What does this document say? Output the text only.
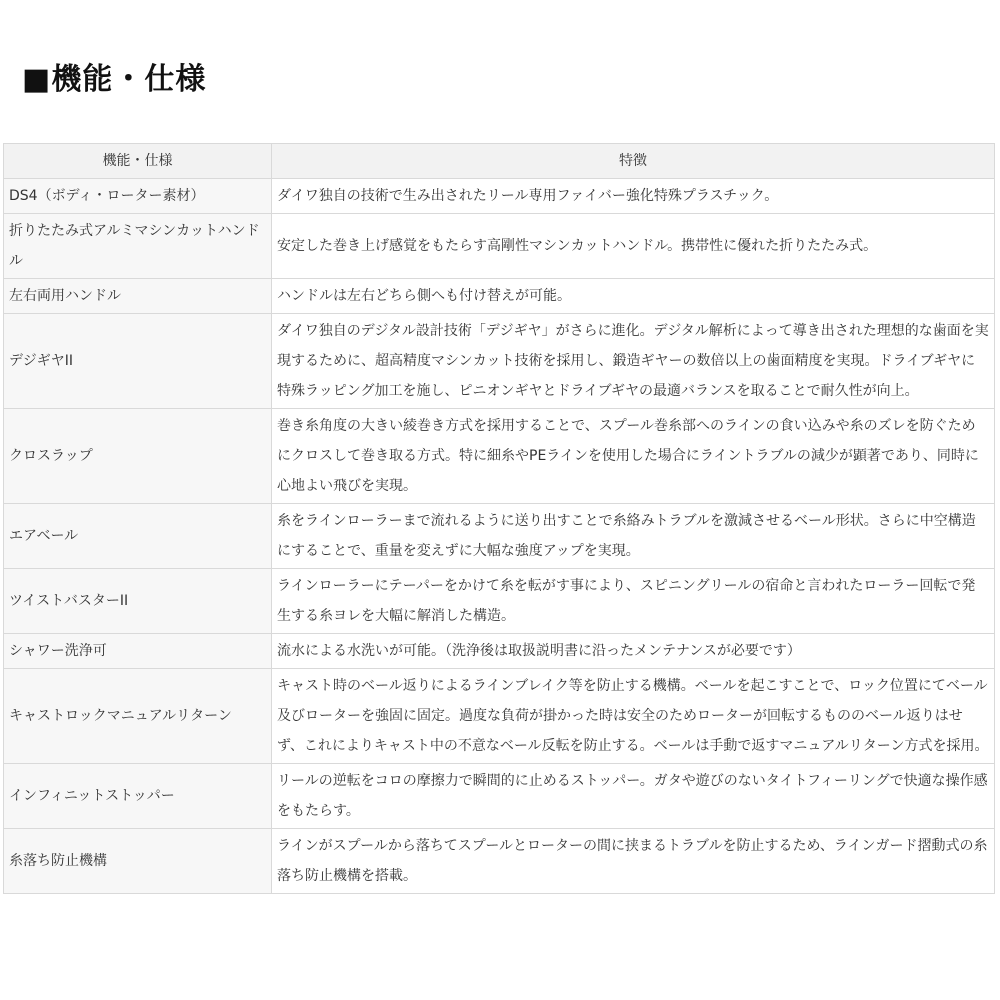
■機能・仕様
機能・仕様	特徴
DS4（ボディ・ローター素材）	ダイワ独自の技術で生み出されたリール専用ファイバー強化特殊プラスチック。
折りたたみ式アルミマシンカットハンドル	安定した巻き上げ感覚をもたらす高剛性マシンカットハンドル。携帯性に優れた折りたたみ式。
左右両用ハンドル	ハンドルは左右どちら側へも付け替えが可能。
デジギヤII	ダイワ独自のデジタル設計技術「デジギヤ」がさらに進化。デジタル解析によって導き出された理想的な歯面を実現するために、超高精度マシンカット技術を採用し、鍛造ギヤーの数倍以上の歯面精度を実現。ドライブギヤに特殊ラッピング加工を施し、ピニオンギヤとドライブギヤの最適バランスを取ることで耐久性が向上。
クロスラップ	巻き糸角度の大きい綾巻き方式を採用することで、スプール巻糸部へのラインの食い込みや糸のズレを防ぐためにクロスして巻き取る方式。特に細糸やPEラインを使用した場合にライントラブルの減少が顕著であり、同時に心地よい飛びを実現。
エアベール	糸をラインローラーまで流れるように送り出すことで糸絡みトラブルを激減させるベール形状。さらに中空構造にすることで、重量を変えずに大幅な強度アップを実現。
ツイストバスターII	ラインローラーにテーパーをかけて糸を転がす事により、スピニングリールの宿命と言われたローラー回転で発生する糸ヨレを大幅に解消した構造。
シャワー洗浄可	流水による水洗いが可能。（洗浄後は取扱説明書に沿ったメンテナンスが必要です）
キャストロックマニュアルリターン	キャスト時のベール返りによるラインブレイク等を防止する機構。ベールを起こすことで、ロック位置にてベール及びローターを強固に固定。過度な負荷が掛かった時は安全のためローターが回転するもののベール返りはせず、これによりキャスト中の不意なベール反転を防止する。ベールは手動で返すマニュアルリターン方式を採用。
インフィニットストッパー	リールの逆転をコロの摩擦力で瞬間的に止めるストッパー。ガタや遊びのないタイトフィーリングで快適な操作感をもたらす。
糸落ち防止機構	ラインがスプールから落ちてスプールとローターの間に挟まるトラブルを防止するため、ラインガード摺動式の糸落ち防止機構を搭載。
